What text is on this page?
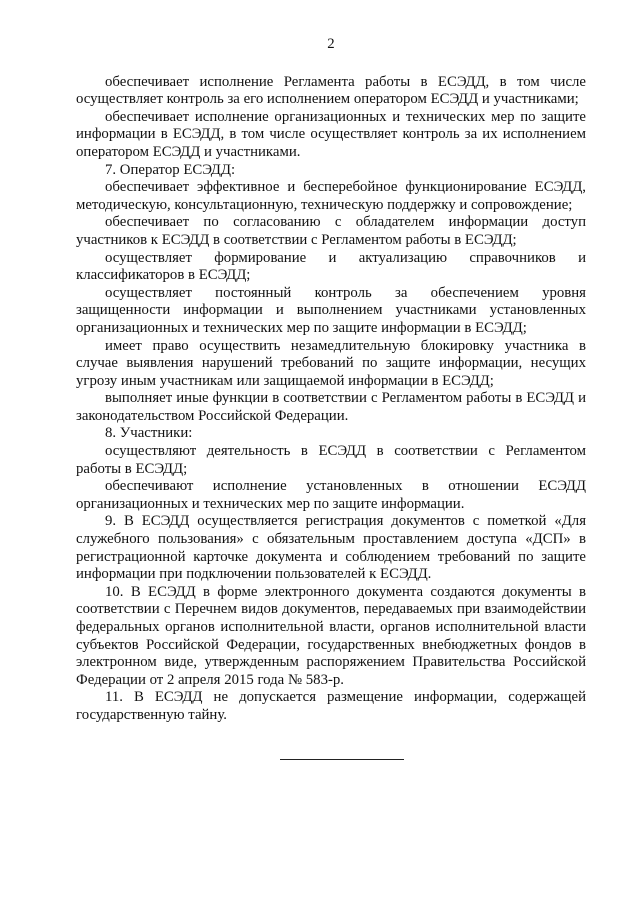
2

обеспечивает исполнение Регламента работы в ЕСЭДД, в том числе осуществляет контроль за его исполнением оператором ЕСЭДД и участниками;

обеспечивает исполнение организационных и технических мер по защите информации в ЕСЭДД, в том числе осуществляет контроль за их исполнением оператором ЕСЭДД и участниками.

7. Оператор ЕСЭДД:

обеспечивает эффективное и бесперебойное функционирование ЕСЭДД, методическую, консультационную, техническую поддержку и сопровождение;

обеспечивает по согласованию с обладателем информации доступ участников к ЕСЭДД в соответствии с Регламентом работы в ЕСЭДД;

осуществляет формирование и актуализацию справочников и классификаторов в ЕСЭДД;

осуществляет постоянный контроль за обеспечением уровня защищенности информации и выполнением участниками установленных организационных и технических мер по защите информации в ЕСЭДД;

имеет право осуществить незамедлительную блокировку участника в случае выявления нарушений требований по защите информации, несущих угрозу иным участникам или защищаемой информации в ЕСЭДД;

выполняет иные функции в соответствии с Регламентом работы в ЕСЭДД и законодательством Российской Федерации.

8. Участники:

осуществляют деятельность в ЕСЭДД в соответствии с Регламентом работы в ЕСЭДД;

обеспечивают исполнение установленных в отношении ЕСЭДД организационных и технических мер по защите информации.

9. В ЕСЭДД осуществляется регистрация документов с пометкой «Для служебного пользования» с обязательным проставлением доступа «ДСП» в регистрационной карточке документа и соблюдением требований по защите информации при подключении пользователей к ЕСЭДД.

10. В ЕСЭДД в форме электронного документа создаются документы в соответствии с Перечнем видов документов, передаваемых при взаимодействии федеральных органов исполнительной власти, органов исполнительной власти субъектов Российской Федерации, государственных внебюджетных фондов в электронном виде, утвержденным распоряжением Правительства Российской Федерации от 2 апреля 2015 года № 583-р.

11. В ЕСЭДД не допускается размещение информации, содержащей государственную тайну.
